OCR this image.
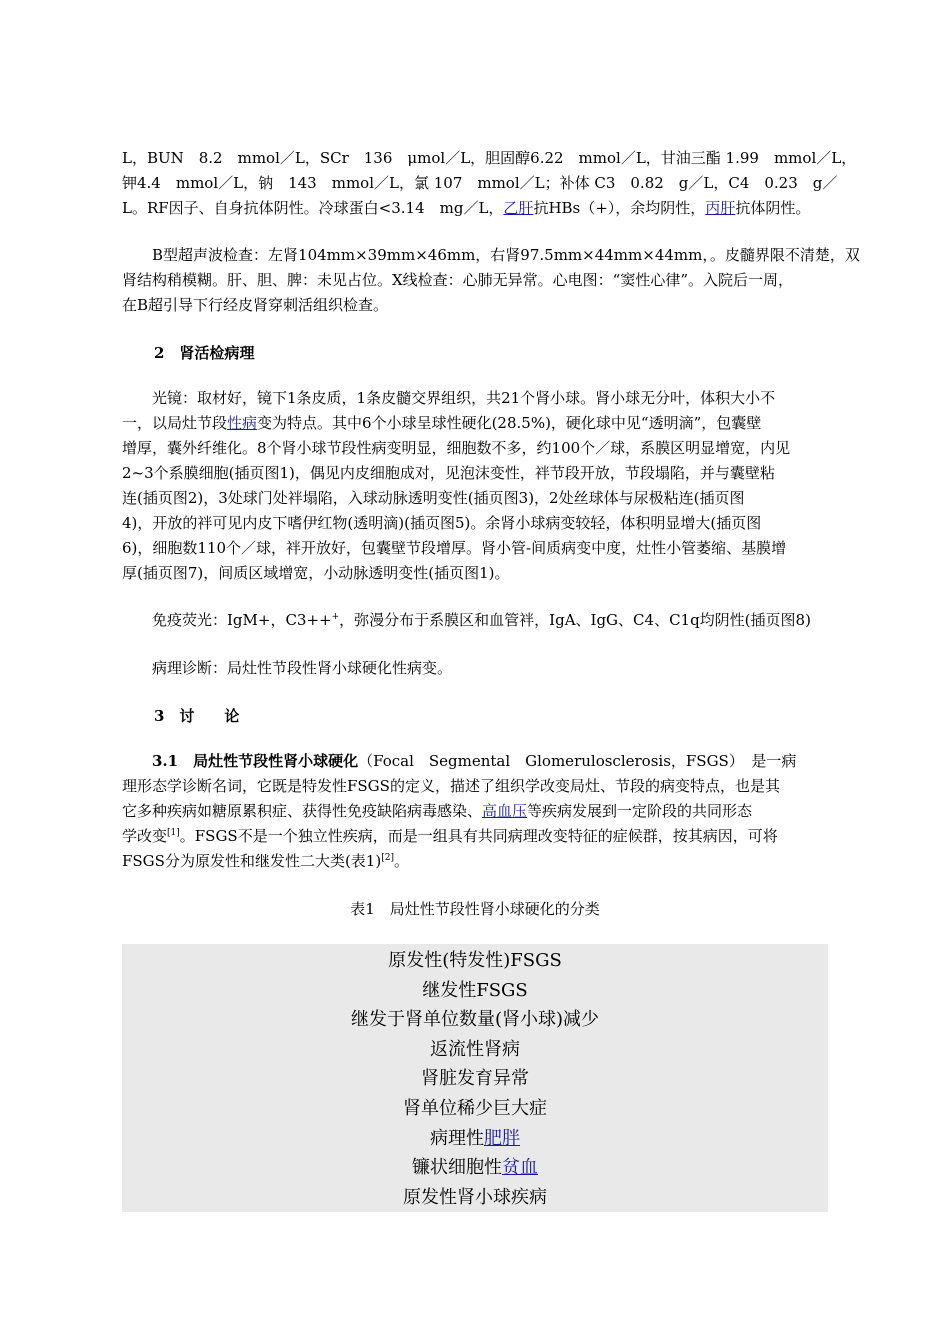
L，BUN　8.2　mmol／L，SCr　136　μmol／L，胆固醇6.22　mmol／L，甘油三酯 1.99　mmol／L，
钾4.4　mmol／L，钠　143　mmol／L，氯 107　mmol／L；补体 C3　0.82　g／L，C4　0.23　g／
L。RF因子、自身抗体阴性。冷球蛋白<3.14　mg／L，乙肝抗HBs（+），余均阴性，丙肝抗体阴性。

B型超声波检查：左肾104mm×39mm×46mm，右肾97.5mm×44mm×44mm，。皮髓界限不清楚，双
肾结构稍模糊。肝、胆、脾：未见占位。X线检查：心肺无异常。心电图：“窦性心律”。入院后一周，
在B超引导下行经皮肾穿刺活组织检查。

2　肾活检病理

光镜：取材好，镜下1条皮质，1条皮髓交界组织，共21个肾小球。肾小球无分叶，体积大小不
一，以局灶节段性病变为特点。其中6个小球呈球性硬化(28.5%)，硬化球中见“透明滴”，包囊壁
增厚，囊外纤维化。8个肾小球节段性病变明显，细胞数不多，约100个／球，系膜区明显增宽，内见
2~3个系膜细胞(插页图1)，偶见内皮细胞成对，见泡沫变性，袢节段开放，节段塌陷，并与囊壁粘
连(插页图2)，3处球门处袢塌陷，入球动脉透明变性(插页图3)，2处丝球体与尿极粘连(插页图
4)，开放的袢可见内皮下嗜伊红物(透明滴)(插页图5)。余肾小球病变较轻，体积明显增大(插页图
6)，细胞数110个／球，袢开放好，包囊壁节段增厚。肾小管-间质病变中度，灶性小管萎缩、基膜增
厚(插页图7)，间质区域增宽，小动脉透明变性(插页图1)。

免疫荧光：IgM+，C3+++，弥漫分布于系膜区和血管袢，IgA、IgG、C4、C1q均阴性(插页图8)

病理诊断：局灶性节段性肾小球硬化性病变。

3　讨　　论

3.1　局灶性节段性肾小球硬化（Focal　Segmental　Glomerulosclerosis，FSGS）　是一病
理形态学诊断名词，它既是特发性FSGS的定义，描述了组织学改变局灶、节段的病变特点，也是其
它多种疾病如糖原累积症、获得性免疫缺陷病毒感染、高血压等疾病发展到一定阶段的共同形态
学改变[1]。FSGS不是一个独立性疾病，而是一组具有共同病理改变特征的症候群，按其病因，可将
FSGS分为原发性和继发性二大类(表1)[2]。

表1　局灶性节段性肾小球硬化的分类

原发性(特发性)FSGS
继发性FSGS
继发于肾单位数量(肾小球)减少
返流性肾病
肾脏发育异常
肾单位稀少巨大症
病理性肥胖
镰状细胞性贫血
原发性肾小球疾病
